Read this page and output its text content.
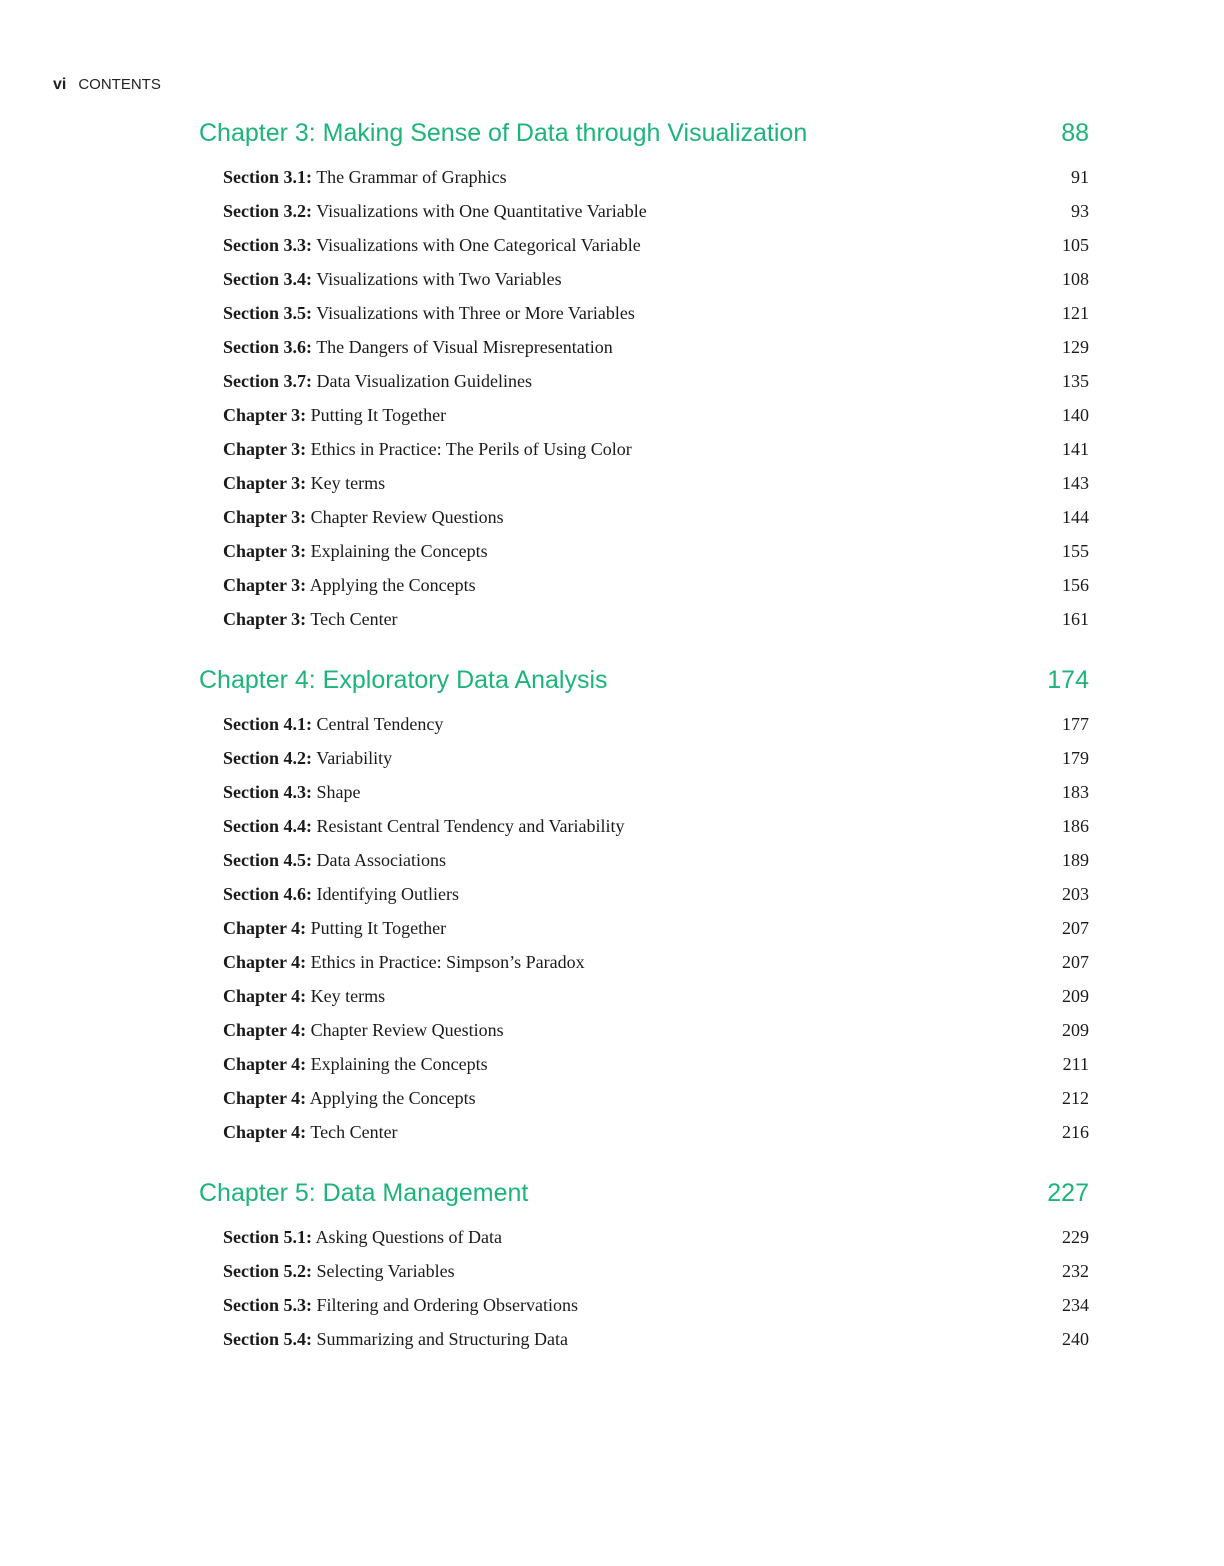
vi CONTENTS
Chapter 3: Making Sense of Data through Visualization	88
Section 3.1: The Grammar of Graphics	91
Section 3.2: Visualizations with One Quantitative Variable	93
Section 3.3: Visualizations with One Categorical Variable	105
Section 3.4: Visualizations with Two Variables	108
Section 3.5: Visualizations with Three or More Variables	121
Section 3.6: The Dangers of Visual Misrepresentation	129
Section 3.7: Data Visualization Guidelines	135
Chapter 3: Putting It Together	140
Chapter 3: Ethics in Practice: The Perils of Using Color	141
Chapter 3: Key terms	143
Chapter 3: Chapter Review Questions	144
Chapter 3: Explaining the Concepts	155
Chapter 3: Applying the Concepts	156
Chapter 3: Tech Center	161
Chapter 4: Exploratory Data Analysis	174
Section 4.1: Central Tendency	177
Section 4.2: Variability	179
Section 4.3: Shape	183
Section 4.4: Resistant Central Tendency and Variability	186
Section 4.5: Data Associations	189
Section 4.6: Identifying Outliers	203
Chapter 4: Putting It Together	207
Chapter 4: Ethics in Practice: Simpson’s Paradox	207
Chapter 4: Key terms	209
Chapter 4: Chapter Review Questions	209
Chapter 4: Explaining the Concepts	211
Chapter 4: Applying the Concepts	212
Chapter 4: Tech Center	216
Chapter 5: Data Management	227
Section 5.1: Asking Questions of Data	229
Section 5.2: Selecting Variables	232
Section 5.3: Filtering and Ordering Observations	234
Section 5.4: Summarizing and Structuring Data	240
